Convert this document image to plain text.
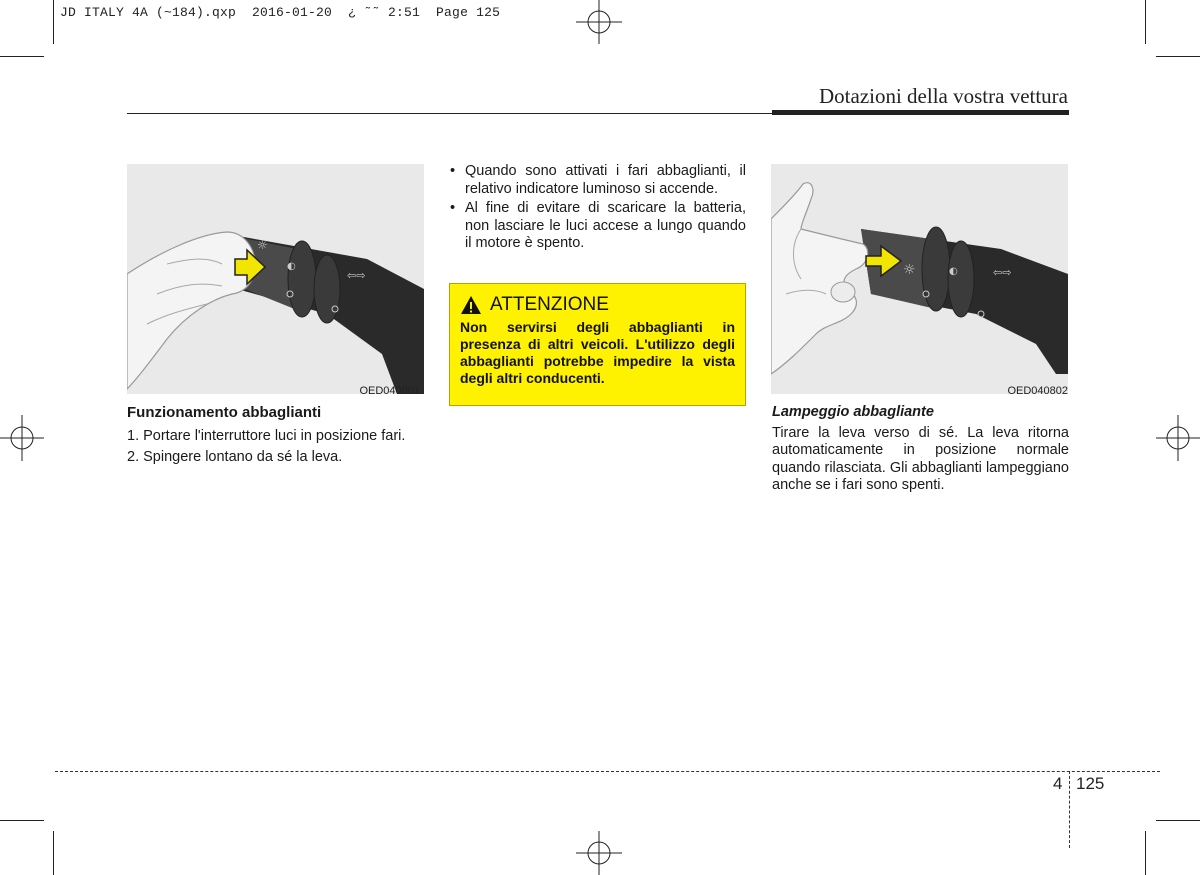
JD ITALY 4A (~184).qxp  2016-01-20  ¿ ˜˜ 2:51  Page 125
Dotazioni della vostra vettura
☼
◐
⇦⇨
OED040801
Funzionamento abbaglianti
1. Portare l'interruttore luci in posizione fari.
2. Spingere lontano da sé la leva.
• Quando sono attivati i fari abbaglianti, il relativo indicatore luminoso si accende.
• Al fine di evitare di scaricare la batteria, non lasciare le luci accese a lungo quando il motore è spento.
ATTENZIONE
Non servirsi degli abbaglianti in presenza di altri veicoli. L'utilizzo degli abbaglianti potrebbe impedire la vista degli altri conducenti.
☼	◐	⇦⇨
OED040802
Lampeggio abbagliante
Tirare la leva verso di sé. La leva ritorna automaticamente in posizione normale quando rilasciata. Gli abbaglianti lampeggiano anche se i fari sono spenti.
4 125
